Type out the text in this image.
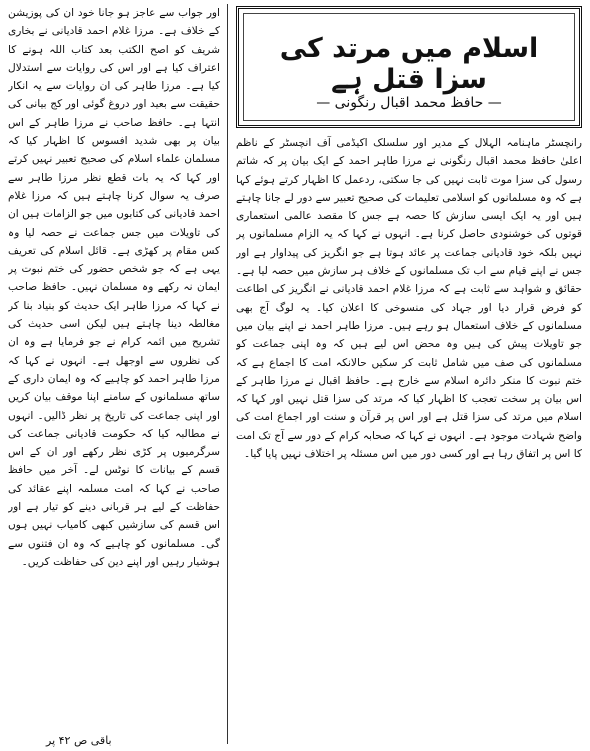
اسلام میں مرتد کی سزا قتل ہے
— حافظ محمد اقبال رنگونی —

رانچسٹر ماہنامہ الہلال کے مدیر اور سلسلک اکیڈمی آف انچسٹر کے ناظم اعلیٰ حافظ محمد اقبال رنگونی نے مرزا طاہر احمد کے ایک بیان پر کہ شاتم رسول کی سزا موت ثابت نہیں کی جا سکتی، ردعمل کا اظہار کرتے ہوئے کہا ہے کہ وہ مسلمانوں کو اسلامی تعلیمات کی صحیح تعبیر سے دور لے جانا چاہتے ہیں اور یہ ایک ایسی سازش کا حصہ ہے جس کا مقصد عالمی استعماری قوتوں کی خوشنودی حاصل کرنا ہے۔ انہوں نے کہا کہ یہ الزام مسلمانوں پر نہیں بلکہ خود قادیانی جماعت پر عائد ہوتا ہے جو انگریز کی پیداوار ہے اور جس نے اپنے قیام سے اب تک مسلمانوں کے خلاف ہر سازش میں حصہ لیا ہے۔ حقائق و شواہد سے ثابت ہے کہ مرزا غلام احمد قادیانی نے انگریز کی اطاعت کو فرض قرار دیا اور جہاد کی منسوخی کا اعلان کیا۔ یہ لوگ آج بھی مسلمانوں کے خلاف استعمال ہو رہے ہیں۔ مرزا طاہر احمد نے اپنے بیان میں جو تاویلات پیش کی ہیں وہ محض اس لیے ہیں کہ وہ اپنی جماعت کو مسلمانوں کی صف میں شامل ثابت کر سکیں حالانکہ امت کا اجماع ہے کہ ختم نبوت کا منکر دائرہ اسلام سے خارج ہے۔ حافظ اقبال نے مرزا طاہر کے اس بیان پر سخت تعجب کا اظہار کیا کہ مرتد کی سزا قتل نہیں اور کہا کہ اسلام میں مرتد کی سزا قتل ہے اور اس پر قرآن و سنت اور اجماع امت کی واضح شہادت موجود ہے۔ انہوں نے کہا کہ صحابہ کرام کے دور سے آج تک امت کا اس پر اتفاق رہا ہے اور کسی دور میں اس مسئلہ پر اختلاف نہیں پایا گیا۔

اور جواب سے عاجز ہو جانا خود ان کی پوزیشن کے خلاف ہے۔ مرزا غلام احمد قادیانی نے بخاری شریف کو اصح الکتب بعد کتاب اللہ ہونے کا اعتراف کیا ہے اور اس کی روایات سے استدلال کیا ہے۔ مرزا طاہر کی ان روایات سے یہ انکار حقیقت سے بعید اور دروغ گوئی اور کج بیانی کی انتہا ہے۔ حافظ صاحب نے مرزا طاہر کے اس بیان پر بھی شدید افسوس کا اظہار کیا کہ مسلمان علماء اسلام کی صحیح تعبیر نہیں کرتے اور کہا کہ یہ بات قطع نظر مرزا طاہر سے صرف یہ سوال کرنا چاہتے ہیں کہ مرزا غلام احمد قادیانی کی کتابوں میں جو الزامات ہیں ان کی تاویلات میں جس جماعت نے حصہ لیا وہ کس مقام پر کھڑی ہے۔ قائل اسلام کی تعریف یہی ہے کہ جو شخص حضور کی ختم نبوت پر ایمان نہ رکھے وہ مسلمان نہیں۔ حافظ صاحب نے کہا کہ مرزا طاہر ایک حدیث کو بنیاد بنا کر مغالطہ دینا چاہتے ہیں لیکن اسی حدیث کی تشریح میں ائمہ کرام نے جو فرمایا ہے وہ ان کی نظروں سے اوجھل ہے۔ انہوں نے کہا کہ مرزا طاہر احمد کو چاہیے کہ وہ ایمان داری کے ساتھ مسلمانوں کے سامنے اپنا موقف بیان کریں اور اپنی جماعت کی تاریخ پر نظر ڈالیں۔ انہوں نے مطالبہ کیا کہ حکومت قادیانی جماعت کی سرگرمیوں پر کڑی نظر رکھے اور ان کے اس قسم کے بیانات کا نوٹس لے۔ آخر میں حافظ صاحب نے کہا کہ امت مسلمہ اپنے عقائد کی حفاظت کے لیے ہر قربانی دینے کو تیار ہے اور اس قسم کی سازشیں کبھی کامیاب نہیں ہوں گی۔ مسلمانوں کو چاہیے کہ وہ ان فتنوں سے ہوشیار رہیں اور اپنے دین کی حفاظت کریں۔

باقی ص ۴۲ پر
